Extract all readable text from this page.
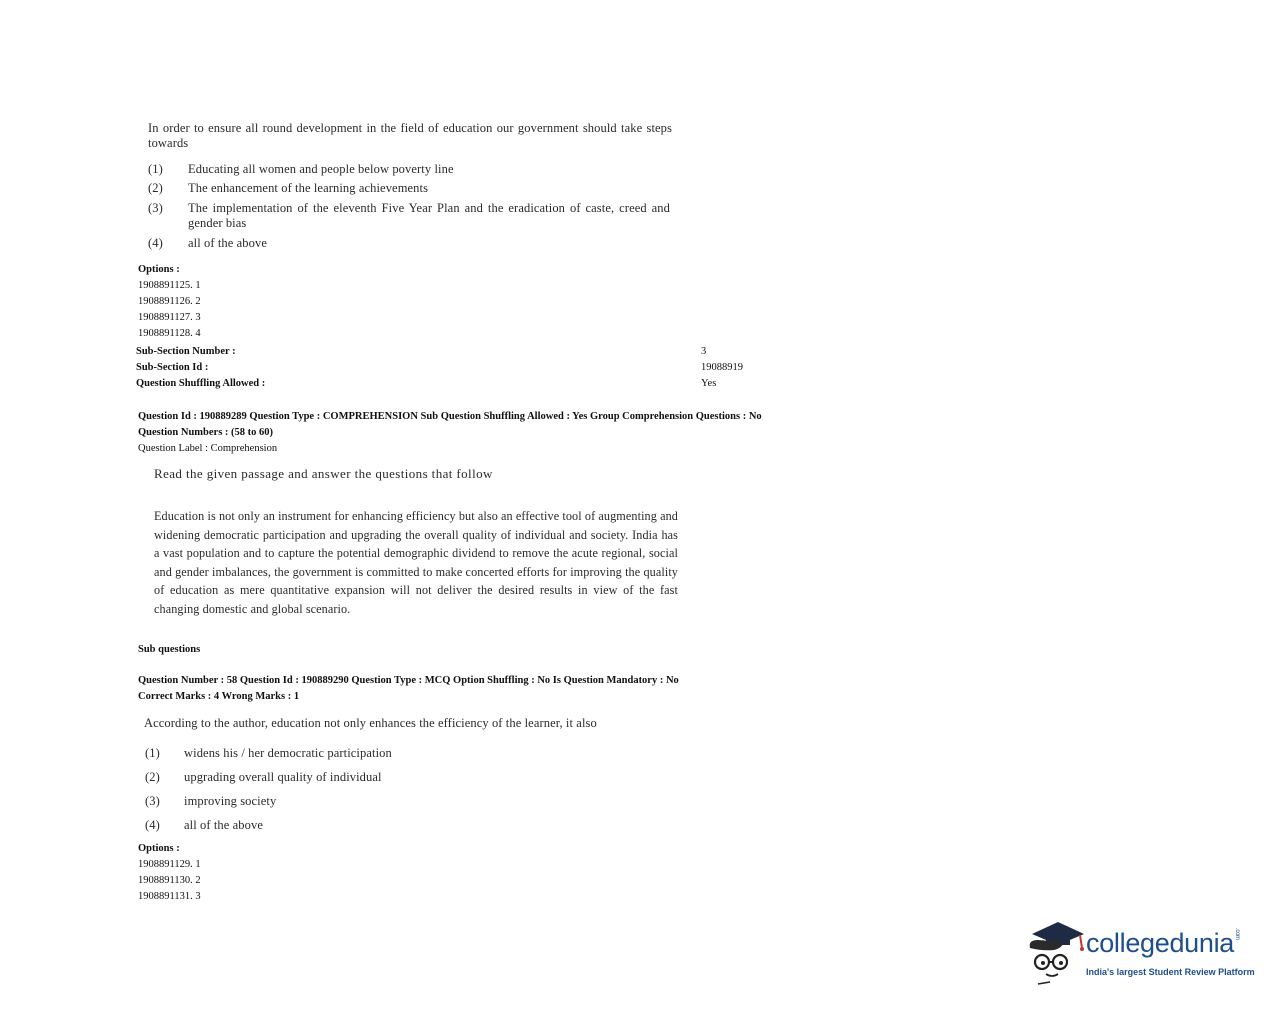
In order to ensure all round development in the field of education our government should take steps towards
(1) Educating all women and people below poverty line
(2) The enhancement of the learning achievements
(3) The implementation of the eleventh Five Year Plan and the eradication of caste, creed and gender bias
(4) all of the above
Options :
1908891125. 1
1908891126. 2
1908891127. 3
1908891128. 4
Sub-Section Number :	3
Sub-Section Id :	19088919
Question Shuffling Allowed :	Yes
Question Id : 190889289 Question Type : COMPREHENSION Sub Question Shuffling Allowed : Yes Group Comprehension Questions : No
Question Numbers : (58 to 60)
Question Label : Comprehension
Read the given passage and answer the questions that follow
Education is not only an instrument for enhancing efficiency but also an effective tool of augmenting and widening democratic participation and upgrading the overall quality of individual and society. India has a vast population and to capture the potential demographic dividend to remove the acute regional, social and gender imbalances, the government is committed to make concerted efforts for improving the quality of education as mere quantitative expansion will not deliver the desired results in view of the fast changing domestic and global scenario.
Sub questions
Question Number : 58 Question Id : 190889290 Question Type : MCQ Option Shuffling : No Is Question Mandatory : No
Correct Marks : 4 Wrong Marks : 1
According to the author, education not only enhances the efficiency of the learner, it also
(1) widens his / her democratic participation
(2) upgrading overall quality of individual
(3) improving society
(4) all of the above
Options :
1908891129. 1
1908891130. 2
1908891131. 3
collegedunia.com
India's largest Student Review Platform
